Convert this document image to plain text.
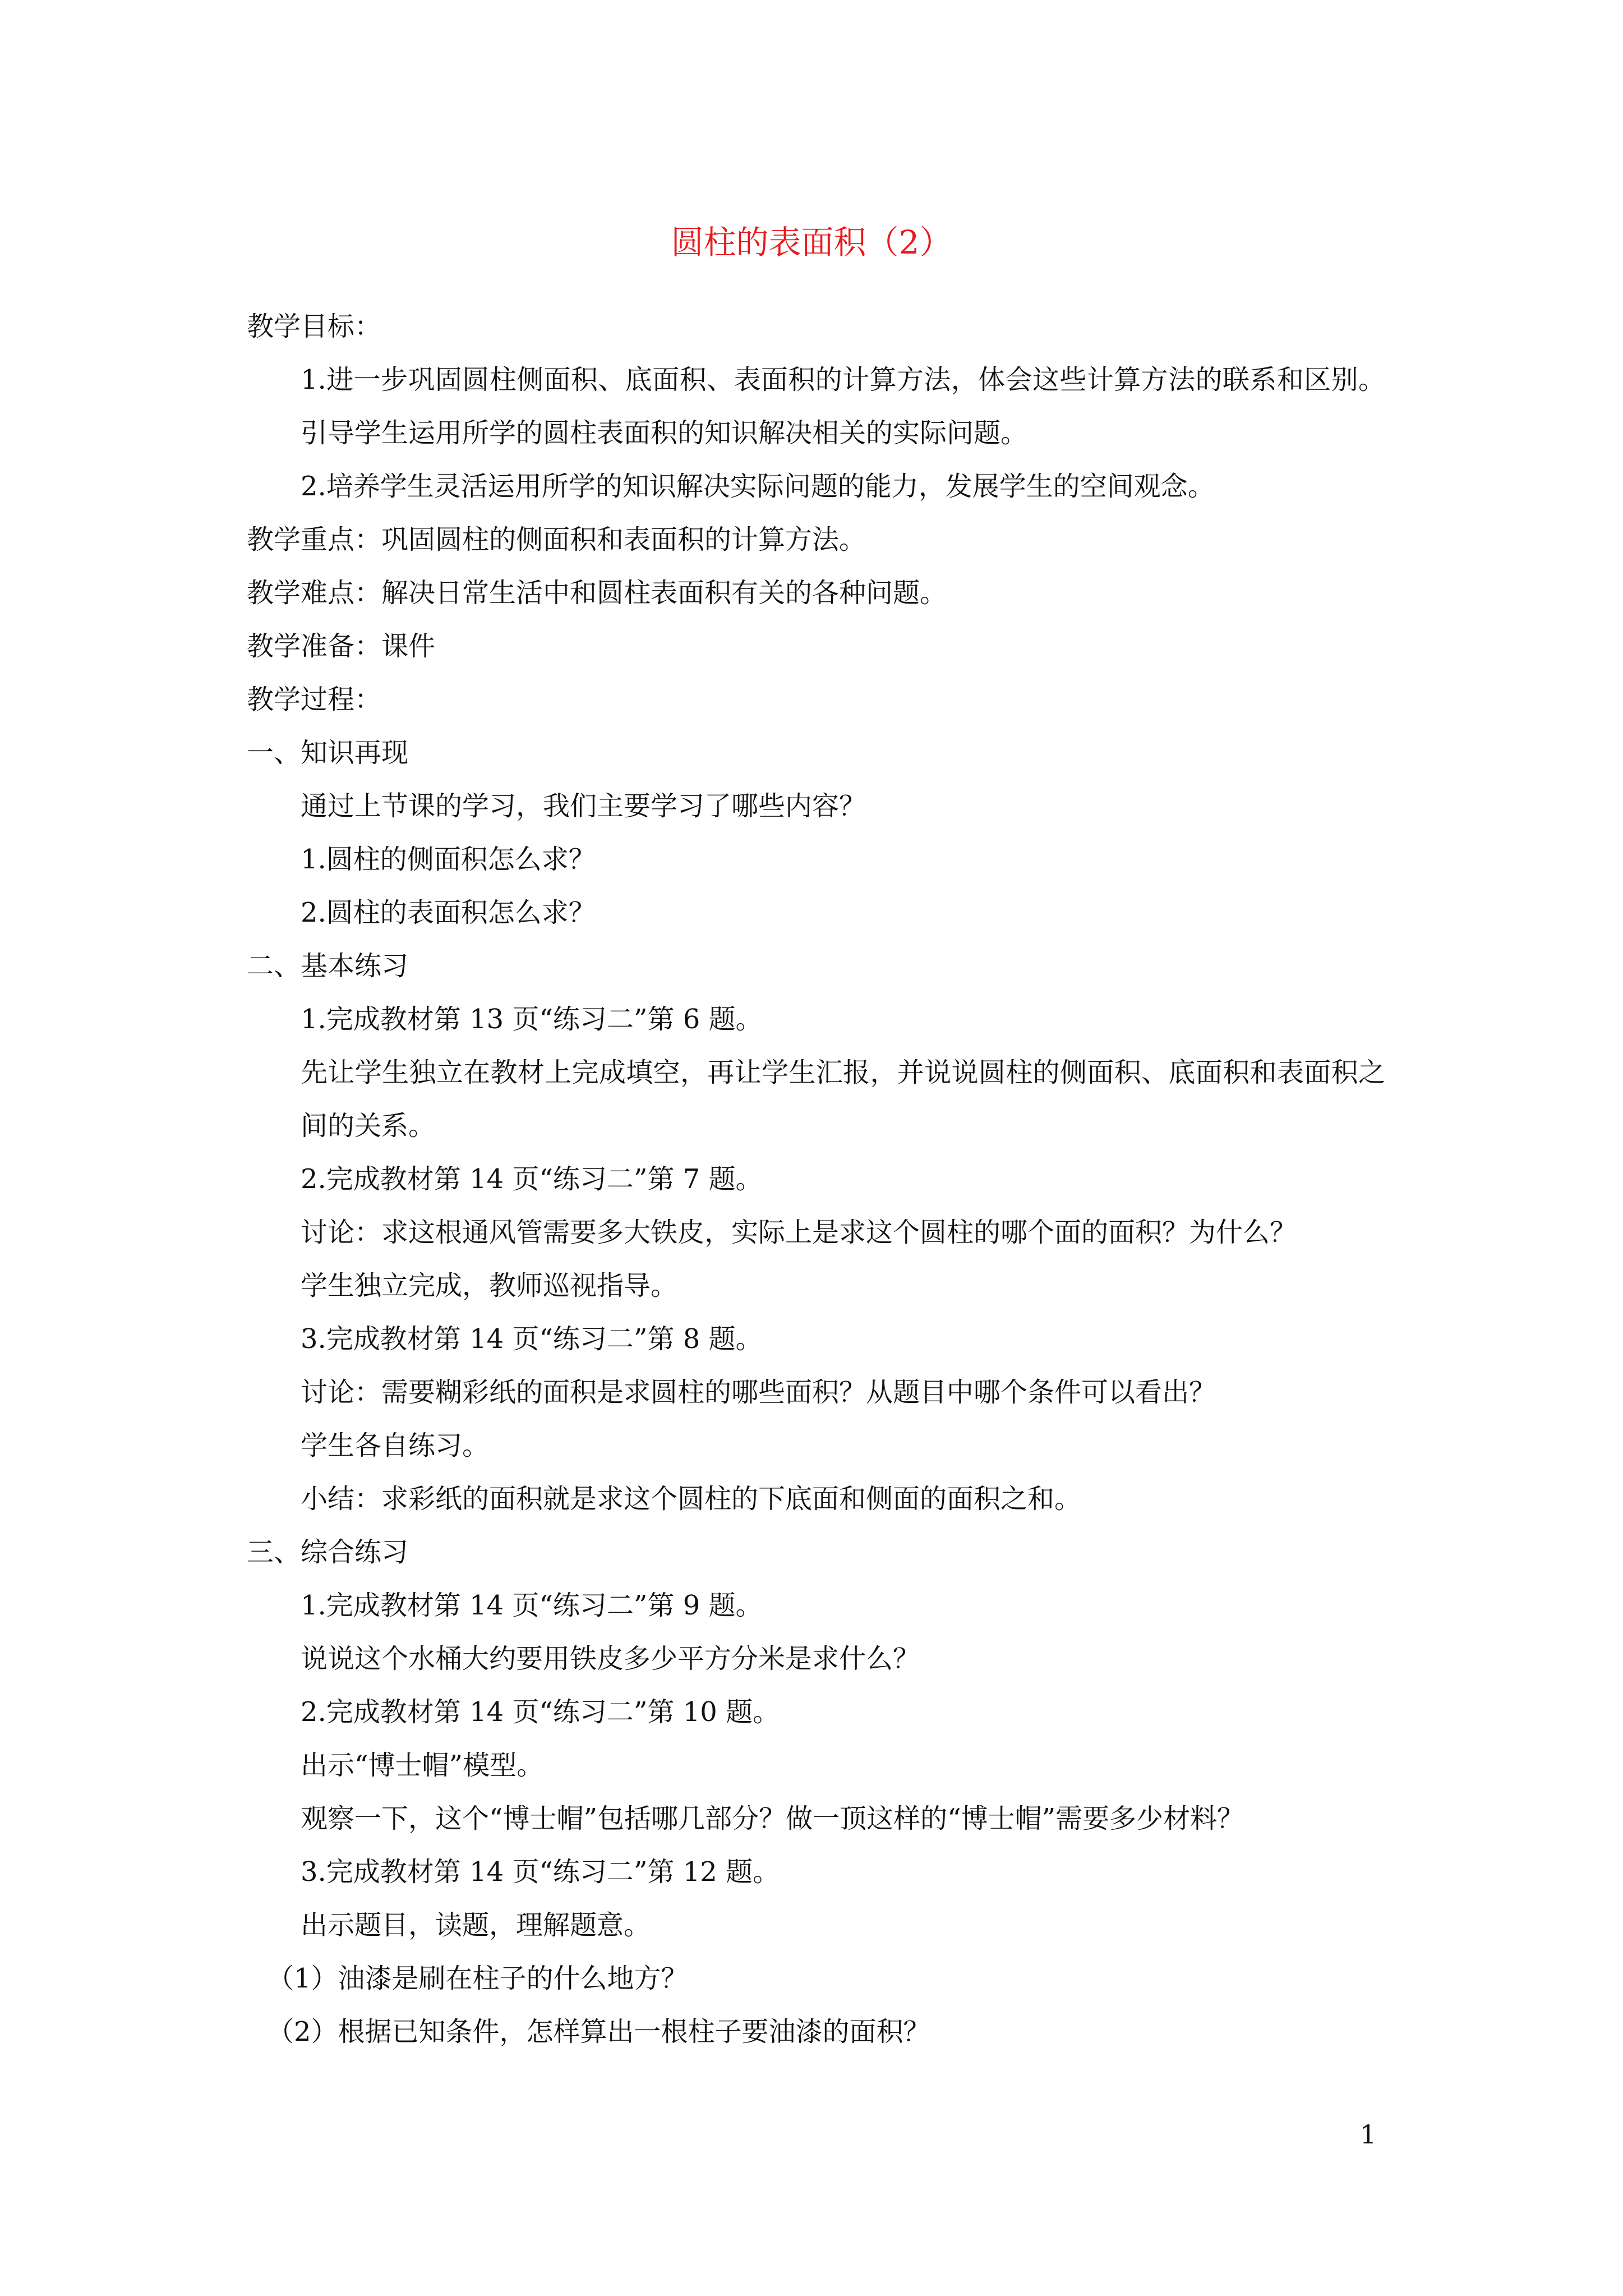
圆柱的表面积（2）

教学目标：

1.进一步巩固圆柱侧面积、底面积、表面积的计算方法，体会这些计算方法的联系和区别。引导学生运用所学的圆柱表面积的知识解决相关的实际问题。

2.培养学生灵活运用所学的知识解决实际问题的能力，发展学生的空间观念。

教学重点：巩固圆柱的侧面积和表面积的计算方法。

教学难点：解决日常生活中和圆柱表面积有关的各种问题。

教学准备：课件

教学过程：

一、知识再现

通过上节课的学习，我们主要学习了哪些内容？

1.圆柱的侧面积怎么求？

2.圆柱的表面积怎么求？

二、基本练习

1.完成教材第 13 页“练习二”第 6 题。

先让学生独立在教材上完成填空，再让学生汇报，并说说圆柱的侧面积、底面积和表面积之间的关系。

2.完成教材第 14 页“练习二”第 7 题。

讨论：求这根通风管需要多大铁皮，实际上是求这个圆柱的哪个面的面积？为什么？

学生独立完成，教师巡视指导。

3.完成教材第 14 页“练习二”第 8 题。

讨论：需要糊彩纸的面积是求圆柱的哪些面积？从题目中哪个条件可以看出？

学生各自练习。

小结：求彩纸的面积就是求这个圆柱的下底面和侧面的面积之和。

三、综合练习

1.完成教材第 14 页“练习二”第 9 题。

说说这个水桶大约要用铁皮多少平方分米是求什么？

2.完成教材第 14 页“练习二”第 10 题。

出示“博士帽”模型。

观察一下，这个“博士帽”包括哪几部分？做一顶这样的“博士帽”需要多少材料？

3.完成教材第 14 页“练习二”第 12 题。

出示题目，读题，理解题意。

（1）油漆是刷在柱子的什么地方？

（2）根据已知条件，怎样算出一根柱子要油漆的面积？

1
